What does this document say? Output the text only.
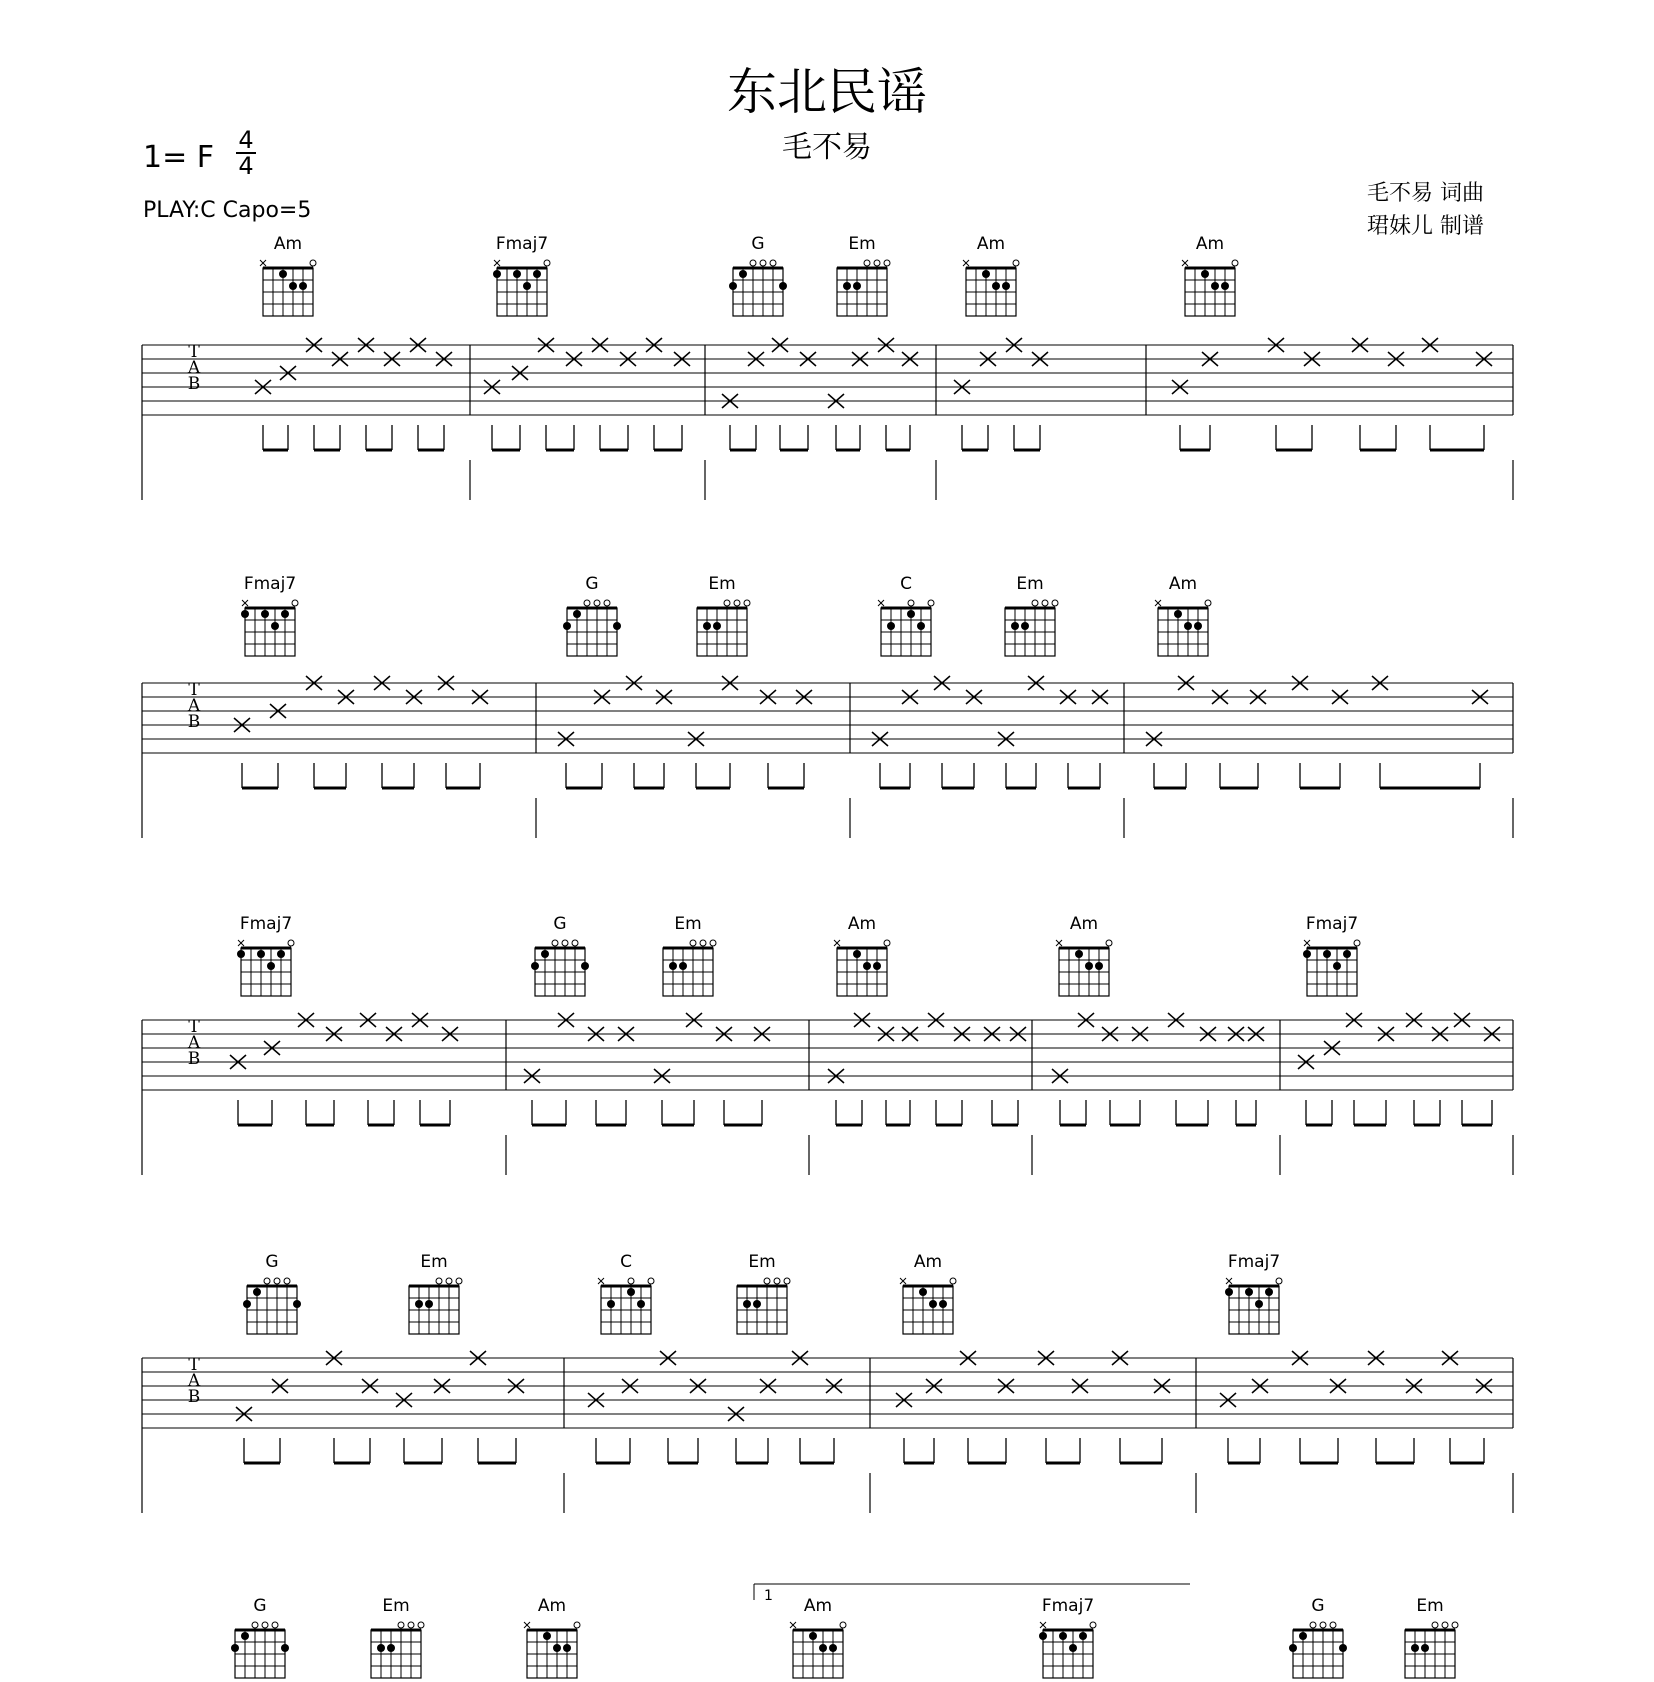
东北民谣
毛不易
1= F 4
4
PLAY:C Capo=5
毛不易 词曲
珺妹儿 制谱
Am	Fmaj7	G	Em	Am	Am
T
A
B
Fmaj7	G	Em	C	Em	Am
T
A
B
Fmaj7	G	Em	Am	Am	Fmaj7
T
A
B
G	Em	C	Em	Am	Fmaj7
T
A
B
1
G	Em	Am	Am	Fmaj7	G	Em
